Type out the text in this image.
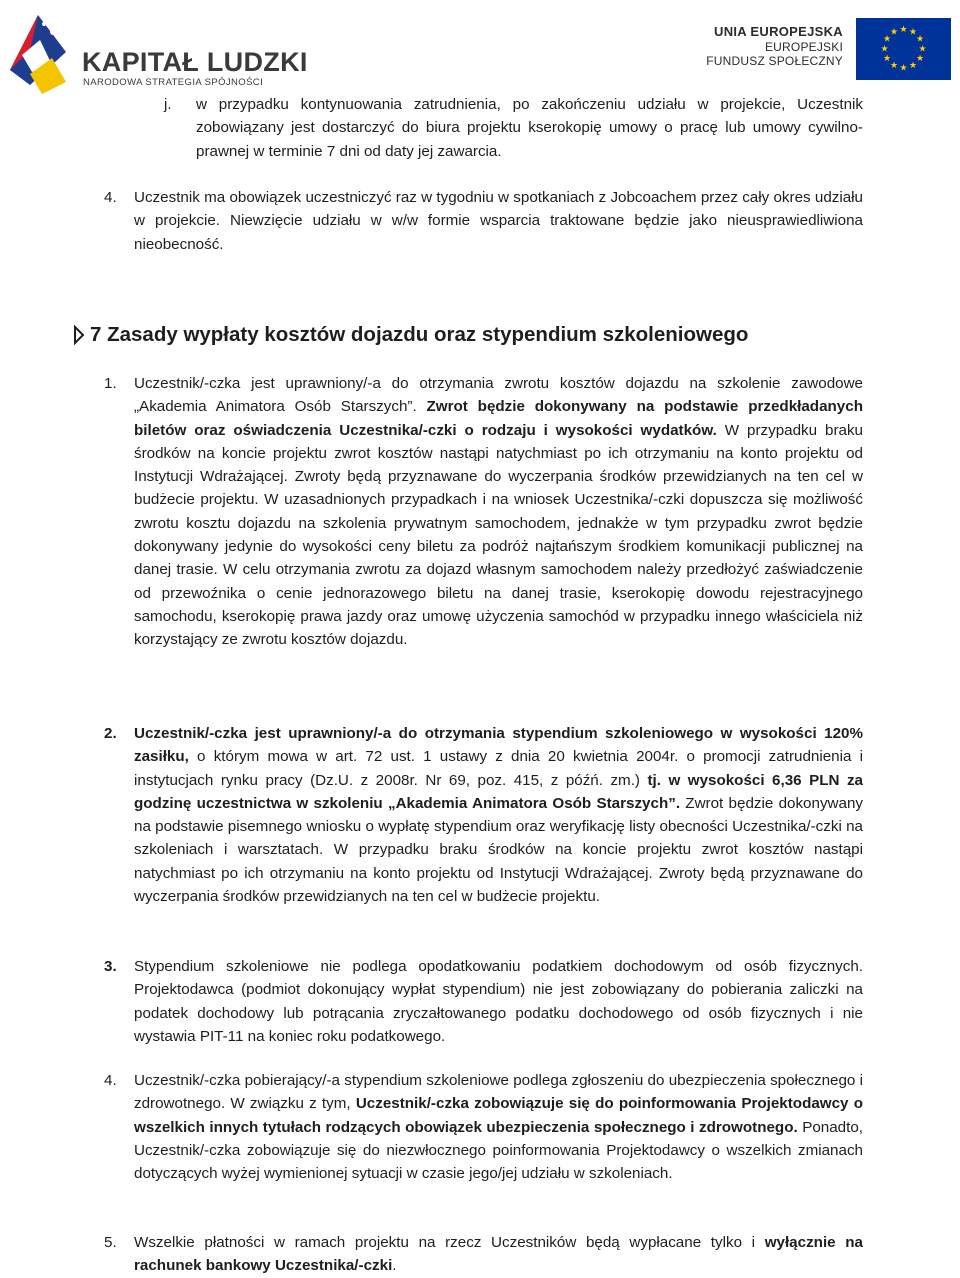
KAPITAŁ LUDZKI
NARODOWA STRATEGIA SPÓJNOŚCI
UNIA EUROPEJSKA
EUROPEJSKI
FUNDUSZ SPOŁECZNY
★ ★
★
★
★
★
★
★
★
★
★
★
j. w przypadku kontynuowania zatrudnienia, po zakończeniu udziału w projekcie, Uczestnik zobowiązany jest dostarczyć do biura projektu kserokopię umowy o pracę lub umowy cywilno-prawnej w terminie 7 dni od daty jej zawarcia.

4. Uczestnik ma obowiązek uczestniczyć raz w tygodniu w spotkaniach z Jobcoachem przez cały okres udziału w projekcie. Niewzięcie udziału w w/w formie wsparcia traktowane będzie jako nieusprawiedliwiona nieobecność.

7 Zasady wypłaty kosztów dojazdu oraz stypendium szkoleniowego
1. Uczestnik/-czka jest uprawniony/-a do otrzymania zwrotu kosztów dojazdu na szkolenie zawodowe „Akademia Animatora Osób Starszych”. Zwrot będzie dokonywany na podstawie przedkładanych biletów oraz oświadczenia Uczestnika/-czki o rodzaju i wysokości wydatków. W przypadku braku środków na koncie projektu zwrot kosztów nastąpi natychmiast po ich otrzymaniu na konto projektu od Instytucji Wdrażającej. Zwroty będą przyznawane do wyczerpania środków przewidzianych na ten cel w budżecie projektu. W uzasadnionych przypadkach i na wniosek Uczestnika/-czki dopuszcza się możliwość zwrotu kosztu dojazdu na szkolenia prywatnym samochodem, jednakże w tym przypadku zwrot będzie dokonywany jedynie do wysokości ceny biletu za podróż najtańszym środkiem komunikacji publicznej na danej trasie. W celu otrzymania zwrotu za dojazd własnym samochodem należy przedłożyć zaświadczenie od przewoźnika o cenie jednorazowego biletu na danej trasie, kserokopię dowodu rejestracyjnego samochodu, kserokopię prawa jazdy oraz umowę użyczenia samochód w przypadku innego właściciela niż korzystający ze zwrotu kosztów dojazdu.

2. Uczestnik/-czka jest uprawniony/-a do otrzymania stypendium szkoleniowego w wysokości 120% zasiłku, o którym mowa w art. 72 ust. 1 ustawy z dnia 20 kwietnia 2004r. o promocji zatrudnienia i instytucjach rynku pracy (Dz.U. z 2008r. Nr 69, poz. 415, z późń. zm.) tj. w wysokości 6,36 PLN za godzinę uczestnictwa w szkoleniu „Akademia Animatora Osób Starszych”. Zwrot będzie dokonywany na podstawie pisemnego wniosku o wypłatę stypendium oraz weryfikację listy obecności Uczestnika/-czki na szkoleniach i warsztatach. W przypadku braku środków na koncie projektu zwrot kosztów nastąpi natychmiast po ich otrzymaniu na konto projektu od Instytucji Wdrażającej. Zwroty będą przyznawane do wyczerpania środków przewidzianych na ten cel w budżecie projektu.

3. Stypendium szkoleniowe nie podlega opodatkowaniu podatkiem dochodowym od osób fizycznych. Projektodawca (podmiot dokonujący wypłat stypendium) nie jest zobowiązany do pobierania zaliczki na podatek dochodowy lub potrącania zryczałtowanego podatku dochodowego od osób fizycznych i nie wystawia PIT-11 na koniec roku podatkowego.

4. Uczestnik/-czka pobierający/-a stypendium szkoleniowe podlega zgłoszeniu do ubezpieczenia społecznego i zdrowotnego. W związku z tym, Uczestnik/-czka zobowiązuje się do poinformowania Projektodawcy o wszelkich innych tytułach rodzących obowiązek ubezpieczenia społecznego i zdrowotnego. Ponadto, Uczestnik/-czka zobowiązuje się do niezwłocznego poinformowania Projektodawcy o wszelkich zmianach dotyczących wyżej wymienionej sytuacji w czasie jego/jej udziału w szkoleniach.

5. Wszelkie płatności w ramach projektu na rzecz Uczestników będą wypłacane tylko i wyłącznie na rachunek bankowy Uczestnika/-czki.
